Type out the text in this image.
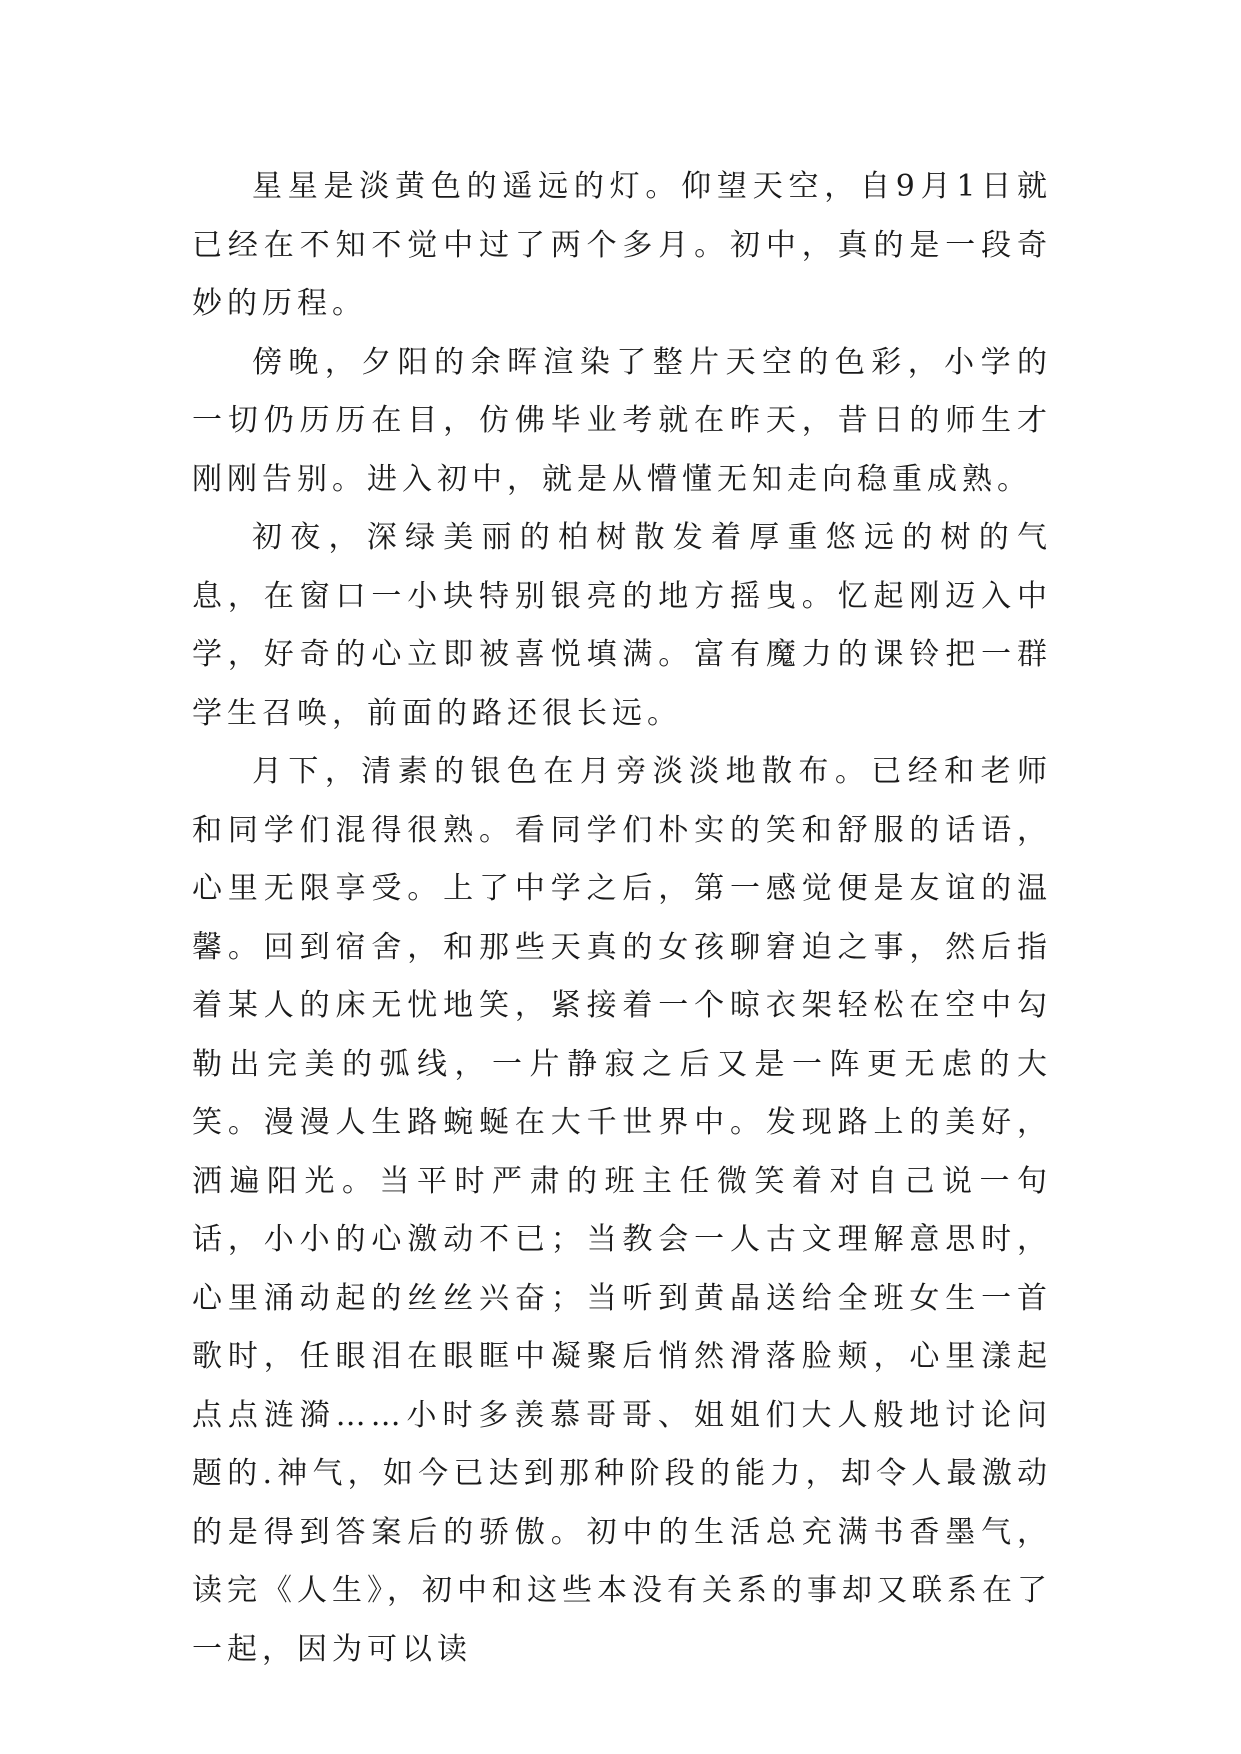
星星是淡黄色的遥远的灯。仰望天空，自9月1日就已经在不知不觉中过了两个多月。初中，真的是一段奇妙的历程。

傍晚，夕阳的余晖渲染了整片天空的色彩，小学的一切仍历历在目，仿佛毕业考就在昨天，昔日的师生才刚刚告别。进入初中，就是从懵懂无知走向稳重成熟。

初夜，深绿美丽的柏树散发着厚重悠远的树的气息，在窗口一小块特别银亮的地方摇曳。忆起刚迈入中学，好奇的心立即被喜悦填满。富有魔力的课铃把一群学生召唤，前面的路还很长远。

月下，清素的银色在月旁淡淡地散布。已经和老师和同学们混得很熟。看同学们朴实的笑和舒服的话语，心里无限享受。上了中学之后，第一感觉便是友谊的温馨。回到宿舍，和那些天真的女孩聊窘迫之事，然后指着某人的床无忧地笑，紧接着一个晾衣架轻松在空中勾勒出完美的弧线，一片静寂之后又是一阵更无虑的大笑。漫漫人生路蜿蜒在大千世界中。发现路上的美好，洒遍阳光。当平时严肃的班主任微笑着对自己说一句话，小小的心激动不已；当教会一人古文理解意思时，心里涌动起的丝丝兴奋；当听到黄晶送给全班女生一首歌时，任眼泪在眼眶中凝聚后悄然滑落脸颊，心里漾起点点涟漪……小时多羡慕哥哥、姐姐们大人般地讨论问题的.神气，如今已达到那种阶段的能力，却令人最激动的是得到答案后的骄傲。初中的生活总充满书香墨气，读完《人生》，初中和这些本没有关系的事却又联系在了一起，因为可以读
